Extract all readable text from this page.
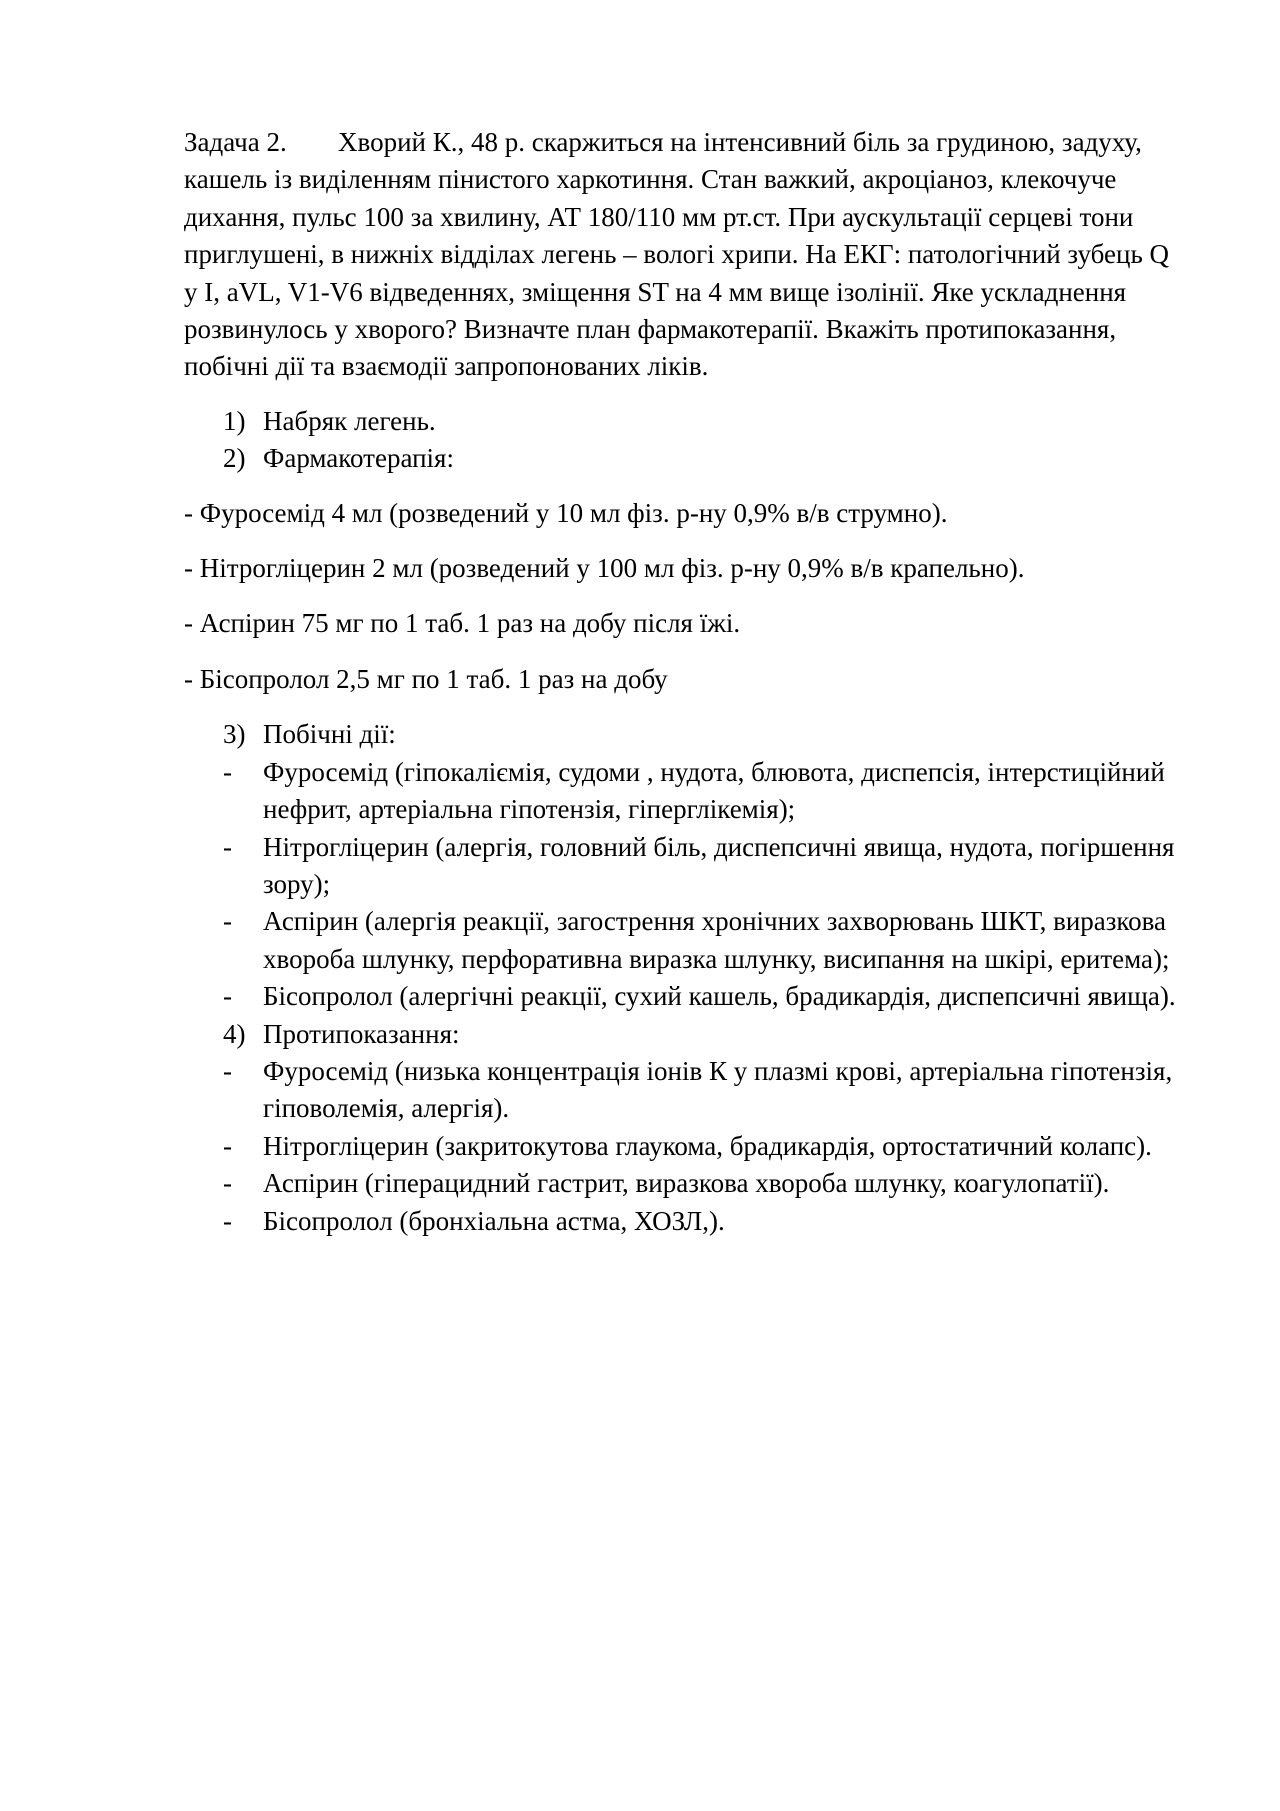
Задача 2. Хворий К., 48 р. скаржиться на інтенсивний біль за грудиною, задуху, кашель із виділенням пінистого харкотиння. Стан важкий, акроціаноз, клекочуче дихання, пульс 100 за хвилину, АТ 180/110 мм рт.ст. При аускультації серцеві тони приглушені, в нижніх відділах легень – вологі хрипи. На ЕКГ: патологічний зубець Q у I, aVL, V1-V6 відведеннях, зміщення ST на 4 мм вище ізолінії. Яке ускладнення розвинулось у хворого? Визначте план фармакотерапії. Вкажіть протипоказання, побічні дії та взаємодії запропонованих ліків.

1) Набряк легень.
2) Фармакотерапія:

- Фуросемід 4 мл (розведений у 10 мл фіз. р-ну 0,9% в/в струмно).

- Нітрогліцерин 2 мл (розведений у 100 мл фіз. р-ну 0,9% в/в крапельно).

- Аспірин 75 мг по 1 таб. 1 раз на добу після їжі.

- Бісопролол 2,5 мг по 1 таб. 1 раз на добу

3) Побічні дії:
- Фуросемід (гіпокаліємія, судоми , нудота, блювота, диспепсія, інтерстиційний нефрит, артеріальна гіпотензія, гіперглікемія);
- Нітрогліцерин (алергія, головний біль, диспепсичні явища, нудота, погіршення зору);
- Аспірин (алергія реакції, загострення хронічних захворювань ШКТ, виразкова хвороба шлунку, перфоративна виразка шлунку, висипання на шкірі, еритема);
- Бісопролол (алергічні реакції, сухий кашель, брадикардія, диспепсичні явища).
4) Протипоказання:
- Фуросемід (низька концентрація іонів К у плазмі крові, артеріальна гіпотензія, гіповолемія, алергія).
- Нітрогліцерин (закритокутова глаукома, брадикардія, ортостатичний колапс).
- Аспірин (гіперацидний гастрит, виразкова хвороба шлунку, коагулопатії).
- Бісопролол (бронхіальна астма, ХОЗЛ,).
